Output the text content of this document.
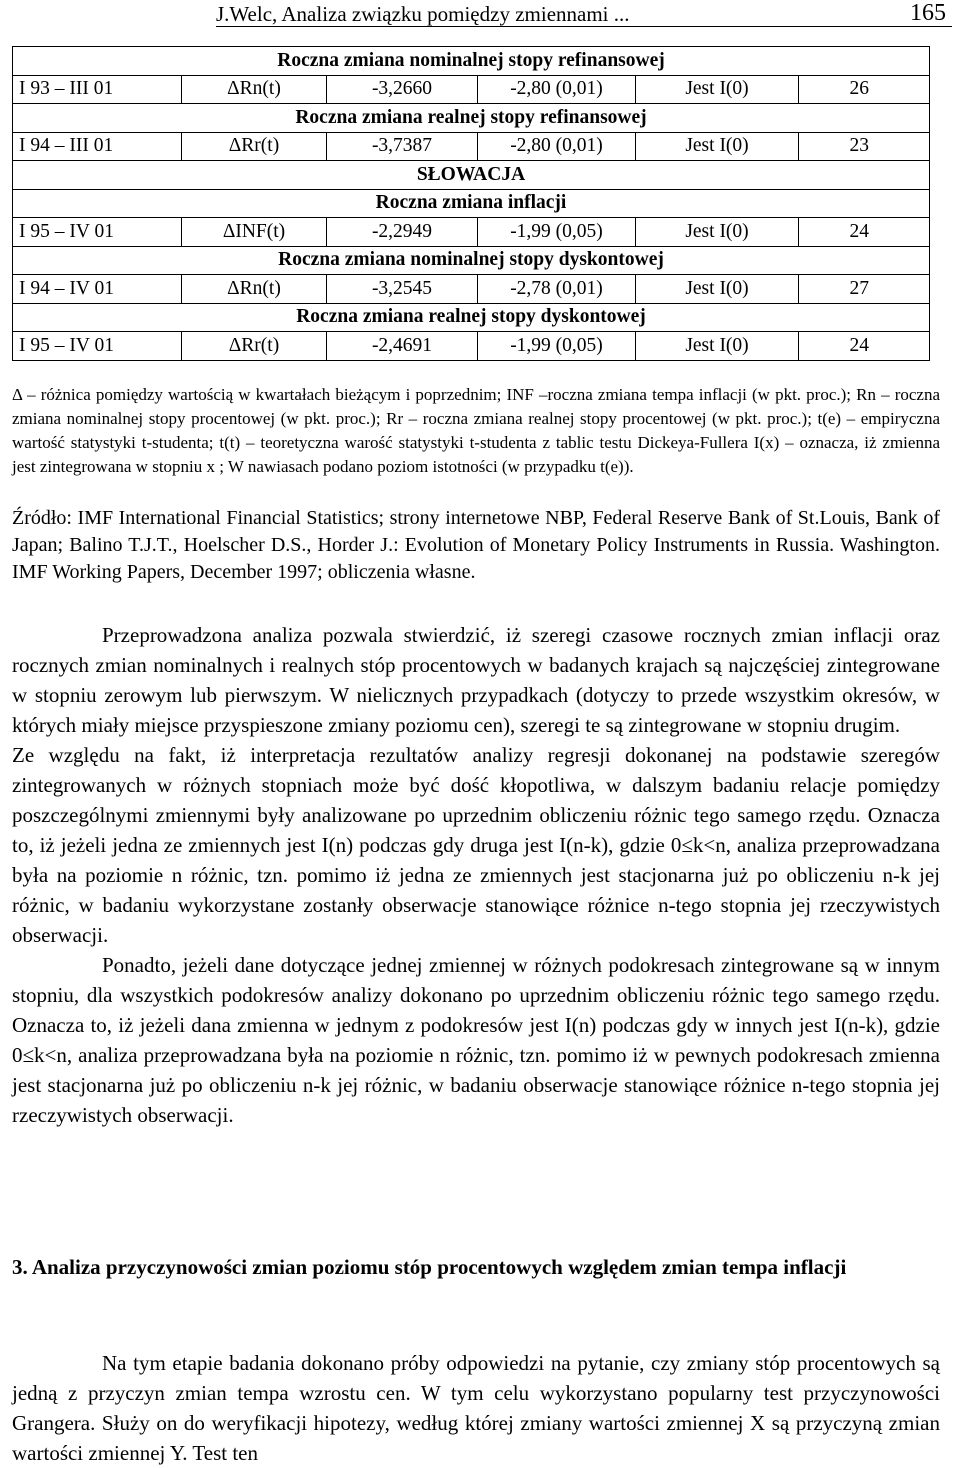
J.Welc, Analiza związku pomiędzy zmiennami ...	165
Roczna zmiana nominalnej stopy refinansowej					
I 93 – III 01	ΔRn(t)	-3,2660	-2,80 (0,01)	Jest I(0)	26
Roczna zmiana realnej stopy refinansowej					
I 94 – III 01	ΔRr(t)	-3,7387	-2,80 (0,01)	Jest I(0)	23
SŁOWACJA					
Roczna zmiana inflacji					
I 95 – IV 01	ΔINF(t)	-2,2949	-1,99 (0,05)	Jest I(0)	24
Roczna zmiana nominalnej stopy dyskontowej					
I 94 – IV 01	ΔRn(t)	-3,2545	-2,78 (0,01)	Jest I(0)	27
Roczna zmiana realnej stopy dyskontowej					
I 95 – IV 01	ΔRr(t)	-2,4691	-1,99 (0,05)	Jest I(0)	24

Δ – różnica pomiędzy wartością w kwartałach bieżącym i poprzednim; INF –roczna zmiana tempa inflacji (w pkt. proc.); Rn – roczna zmiana nominalnej stopy procentowej (w pkt. proc.); Rr – roczna zmiana realnej stopy procentowej (w pkt. proc.); t(e) – empiryczna wartość statystyki t-studenta; t(t) – teoretyczna warość statystyki t-studenta z tablic testu Dickeya-Fullera I(x) – oznacza, iż zmienna jest zintegrowana w stopniu x ; W nawiasach podano poziom istotności (w przypadku t(e)).

Źródło: IMF International Financial Statistics; strony internetowe NBP, Federal Reserve Bank of St.Louis, Bank of Japan; Balino T.J.T., Hoelscher D.S., Horder J.: Evolution of Monetary Policy Instruments in Russia. Washington. IMF Working Papers, December 1997; obliczenia własne.

Przeprowadzona analiza pozwala stwierdzić, iż szeregi czasowe rocznych zmian inflacji oraz rocznych zmian nominalnych i realnych stóp procentowych w badanych krajach są najczęściej zintegrowane w stopniu zerowym lub pierwszym. W nielicznych przypadkach (dotyczy to przede wszystkim okresów, w których miały miejsce przyspieszone zmiany poziomu cen), szeregi te są zintegrowane w stopniu drugim.

Ze względu na fakt, iż interpretacja rezultatów analizy regresji dokonanej na podstawie szeregów zintegrowanych w różnych stopniach może być dość kłopotliwa, w dalszym badaniu relacje pomiędzy poszczególnymi zmiennymi były analizowane po uprzednim obliczeniu różnic tego samego rzędu. Oznacza to, iż jeżeli jedna ze zmiennych jest I(n) podczas gdy druga jest I(n-k), gdzie 0≤k<n, analiza przeprowadzana była na poziomie n różnic, tzn. pomimo iż jedna ze zmiennych jest stacjonarna już po obliczeniu n-k jej różnic, w badaniu wykorzystane zostanły obserwacje stanowiące różnice n-tego stopnia jej rzeczywistych obserwacji.

Ponadto, jeżeli dane dotyczące jednej zmiennej w różnych podokresach zintegrowane są w innym stopniu, dla wszystkich podokresów analizy dokonano po uprzednim obliczeniu różnic tego samego rzędu. Oznacza to, iż jeżeli dana zmienna w jednym z podokresów jest I(n) podczas gdy w innych jest I(n-k), gdzie 0≤k<n, analiza przeprowadzana była na poziomie n różnic, tzn. pomimo iż w pewnych podokresach zmienna jest stacjonarna już po obliczeniu n-k jej różnic, w badaniu obserwacje stanowiące różnice n-tego stopnia jej rzeczywistych obserwacji.

3. Analiza przyczynowości zmian poziomu stóp procentowych względem zmian tempa inflacji

Na tym etapie badania dokonano próby odpowiedzi na pytanie, czy zmiany stóp procentowych są jedną z przyczyn zmian tempa wzrostu cen. W tym celu wykorzystano popularny test przyczynowości Grangera. Służy on do weryfikacji hipotezy, według której zmiany wartości zmiennej X są przyczyną zmian wartości zmiennej Y. Test ten
